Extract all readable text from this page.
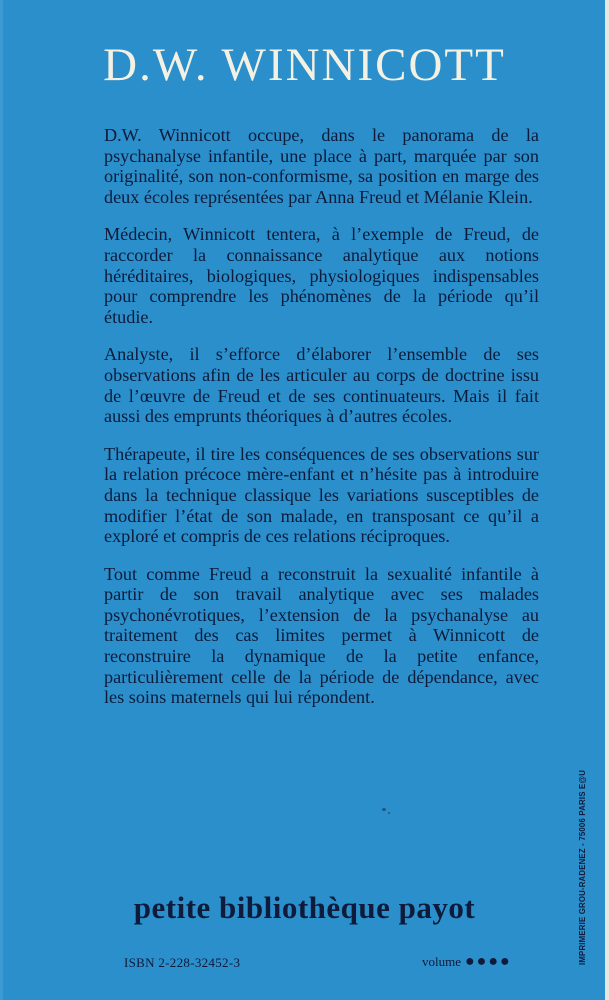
D.W. WINNICOTT

D.W. Winnicott occupe, dans le panorama de la psychanalyse infantile, une place à part, marquée par son originalité, son non-conformisme, sa position en marge des deux écoles représentées par Anna Freud et Mélanie Klein.

Médecin, Winnicott tentera, à l’exemple de Freud, de raccorder la connaissance analytique aux notions héréditaires, biologiques, physiologiques indispensables pour comprendre les phénomènes de la période qu’il étudie.

Analyste, il s’efforce d’élaborer l’ensemble de ses observations afin de les articuler au corps de doctrine issu de l’œuvre de Freud et de ses continuateurs. Mais il fait aussi des emprunts théoriques à d’autres écoles.

Thérapeute, il tire les conséquences de ses observations sur la relation précoce mère-enfant et n’hésite pas à introduire dans la technique classique les variations susceptibles de modifier l’état de son malade, en transposant ce qu’il a exploré et compris de ces relations réciproques.

Tout comme Freud a reconstruit la sexualité infantile à partir de son travail analytique avec ses malades psychonévrotiques, l’extension de la psychanalyse au traitement des cas limites permet à Winnicott de reconstruire la dynamique de la petite enfance, particulièrement celle de la période de dépendance, avec les soins maternels qui lui répondent.

petite bibliothèque payot
ISBN 2-228-32452-3	volume ●●●●	IMPRIMERIE GROU-RADENEZ - 75006 PARIS E@U
